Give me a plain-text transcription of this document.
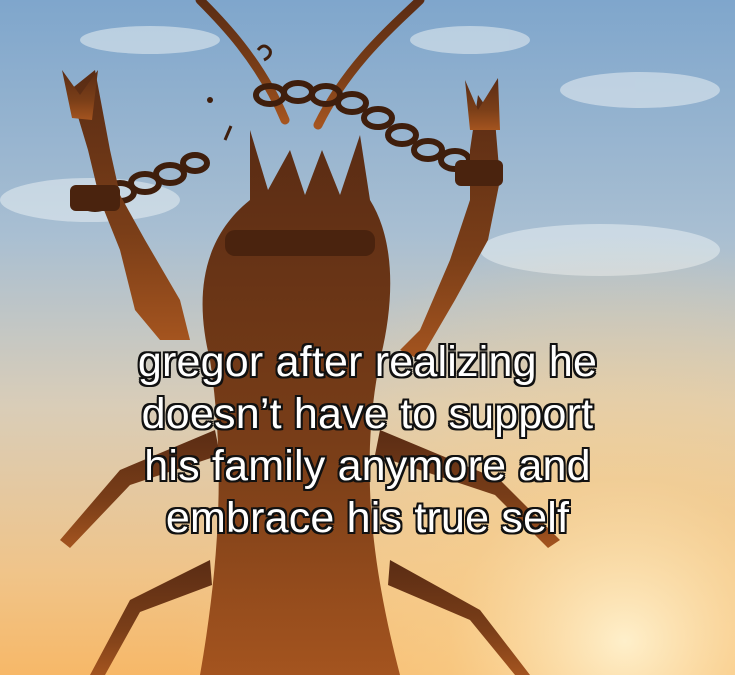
gregor after realizing he
doesn’t have to support
his family anymore and
embrace his true self
